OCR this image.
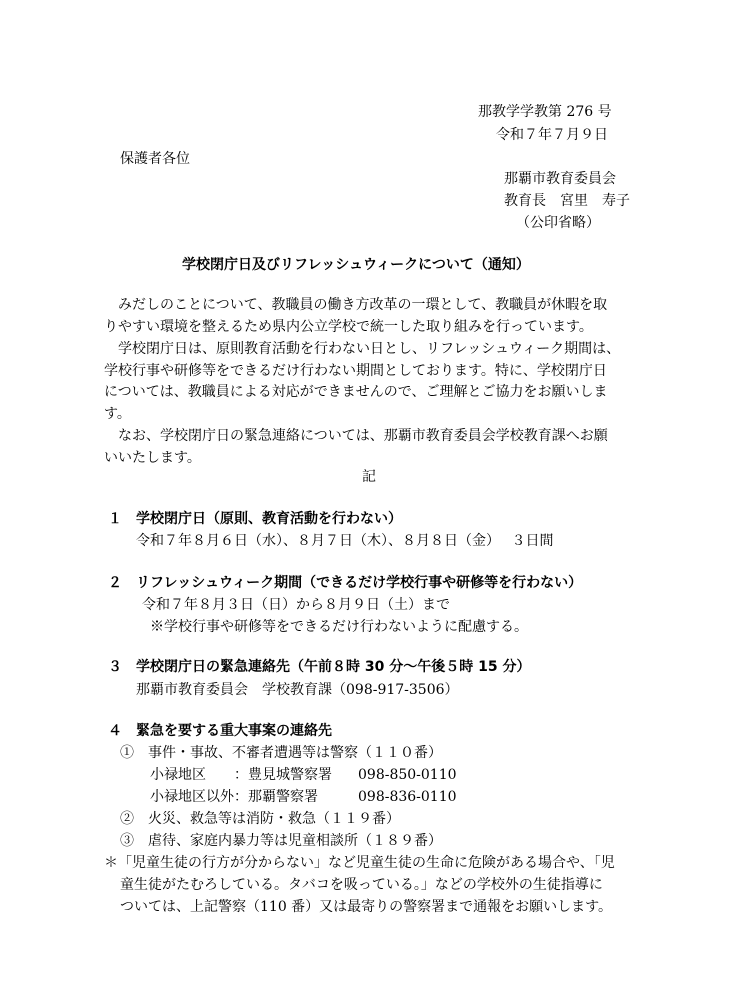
那教学学教第 276 号
令和７年７月９日
保護者各位
那覇市教育委員会
教育長　宮里　寿子
（公印省略）
学校閉庁日及びリフレッシュウィークについて（通知）
　みだしのことについて、教職員の働き方改革の一環として、教職員が休暇を取
りやすい環境を整えるため県内公立学校で統一した取り組みを行っています。
　学校閉庁日は、原則教育活動を行わない日とし、リフレッシュウィーク期間は、
学校行事や研修等をできるだけ行わない期間としております。特に、学校閉庁日
については、教職員による対応ができませんので、ご理解とご協力をお願いしま
す。
　なお、学校閉庁日の緊急連絡については、那覇市教育委員会学校教育課へお願
いいたします。
記
１ 学校閉庁日（原則、教育活動を行わない）
令和７年８月６日（水）、８月７日（木）、８月８日（金）　 ３日間
２ リフレッシュウィーク期間（できるだけ学校行事や研修等を行わない）
令和７年８月３日（日）から８月９日（土）まで
※学校行事や研修等をできるだけ行わないように配慮する。
３ 学校閉庁日の緊急連絡先（午前８時 30 分～午後５時 15 分）
那覇市教育委員会　学校教育課（098-917-3506）
４ 緊急を要する重大事案の連絡先
①　事件・事故、不審者遭遇等は警察（１１０番）
小禄地区　　：豊見城警察署 098-850-0110
小禄地区以外：那覇警察署	098-836-0110
②　火災、救急等は消防・救急（１１９番）
③　虐待、家庭内暴力等は児童相談所（１８９番）
＊「児童生徒の行方が分からない」など児童生徒の生命に危険がある場合や、「児
童生徒がたむろしている。タバコを吸っている。」などの学校外の生徒指導に
ついては、上記警察（110 番）又は最寄りの警察署まで通報をお願いします。
